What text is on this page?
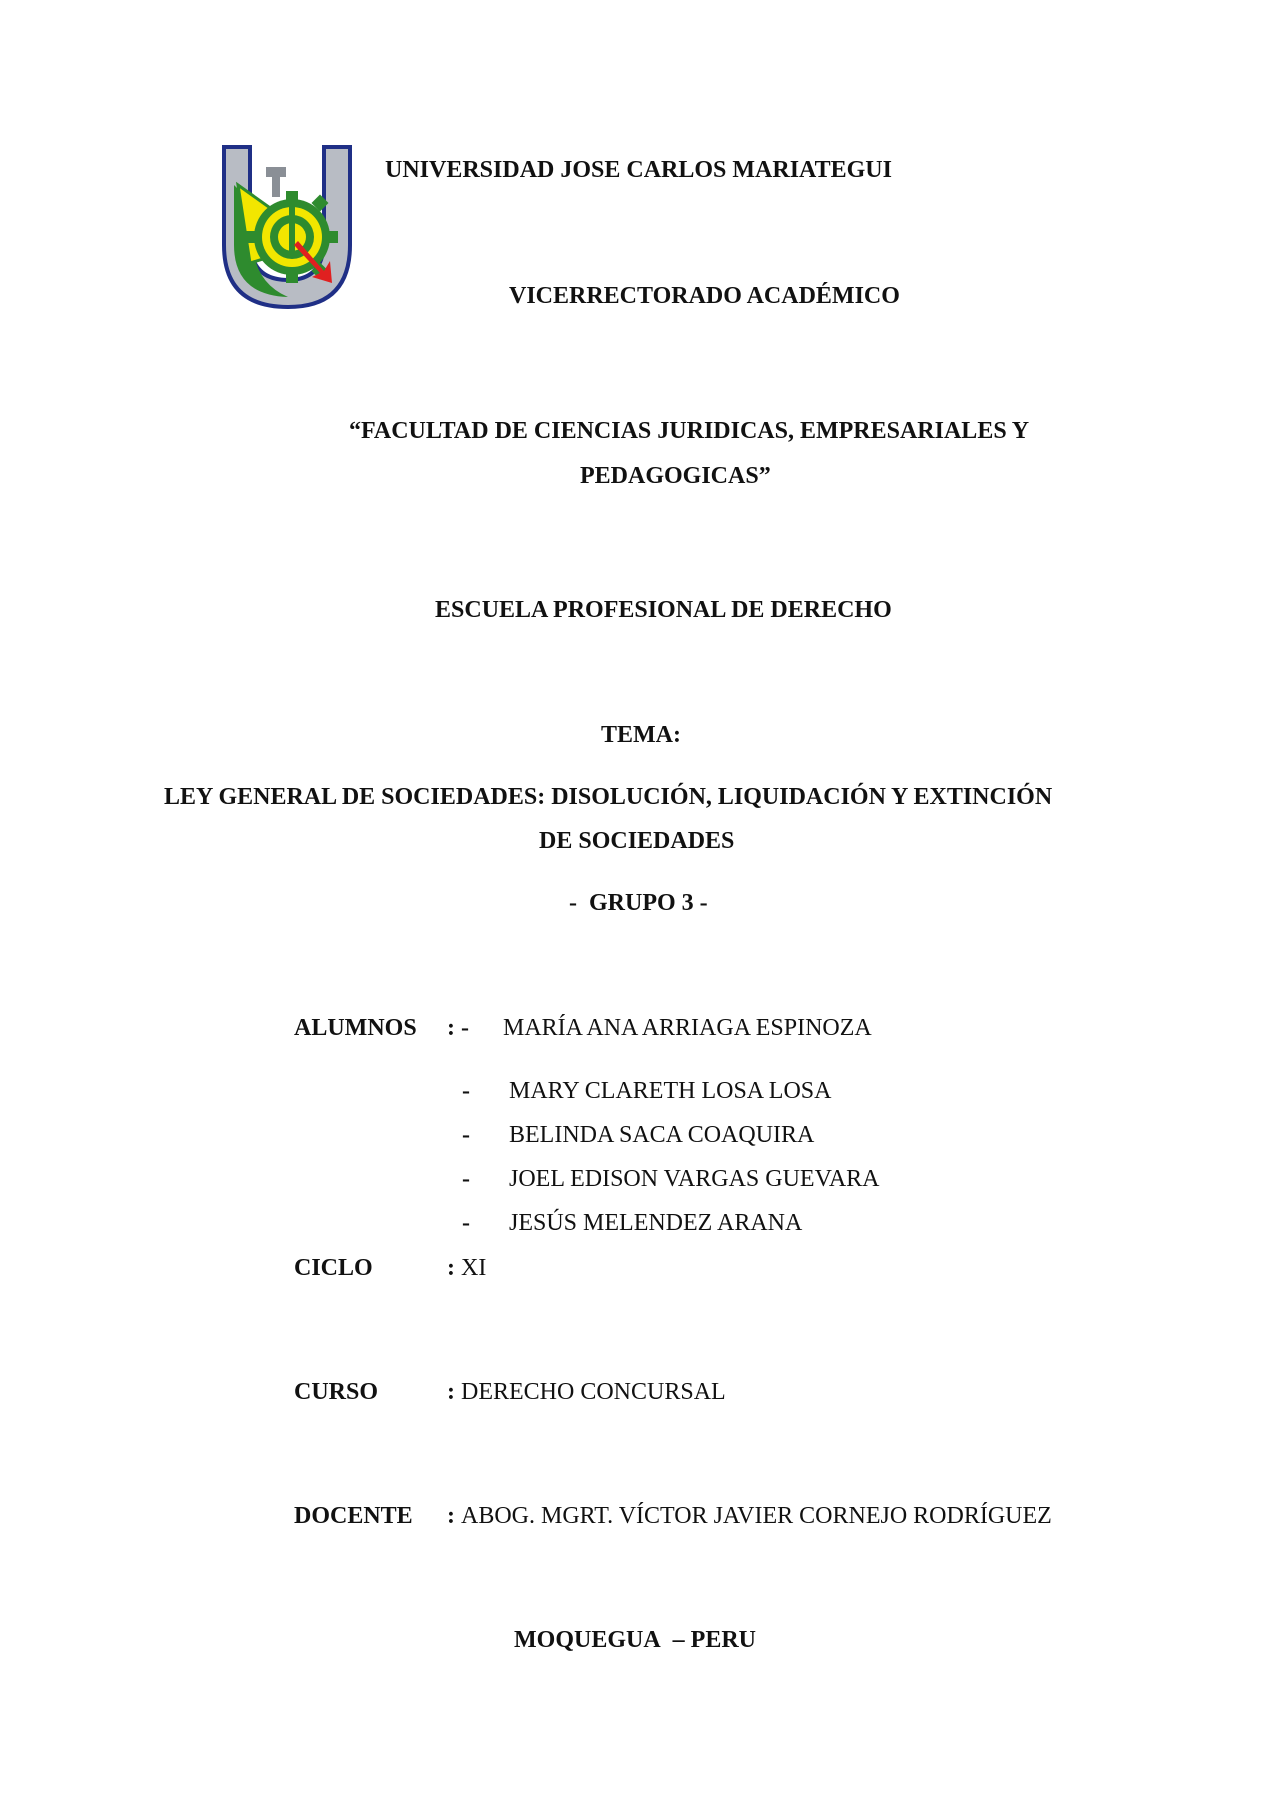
UNIVERSIDAD JOSE CARLOS MARIATEGUI
VICERRECTORADO ACADÉMICO
“FACULTAD DE CIENCIAS JURIDICAS, EMPRESARIALES Y
PEDAGOGICAS”
ESCUELA PROFESIONAL DE DERECHO
TEMA:
LEY GENERAL DE SOCIEDADES: DISOLUCIÓN, LIQUIDACIÓN Y EXTINCIÓN
DE SOCIEDADES
- GRUPO 3 -
ALUMNOS : - MARÍA ANA ARRIAGA ESPINOZA
- MARY CLARETH LOSA LOSA
- BELINDA SACA COAQUIRA
- JOEL EDISON VARGAS GUEVARA
- JESÚS MELENDEZ ARANA
CICLO	: XI
CURSO	: DERECHO CONCURSAL
DOCENTE : ABOG. MGRT. VÍCTOR JAVIER CORNEJO RODRÍGUEZ
MOQUEGUA – PERU
